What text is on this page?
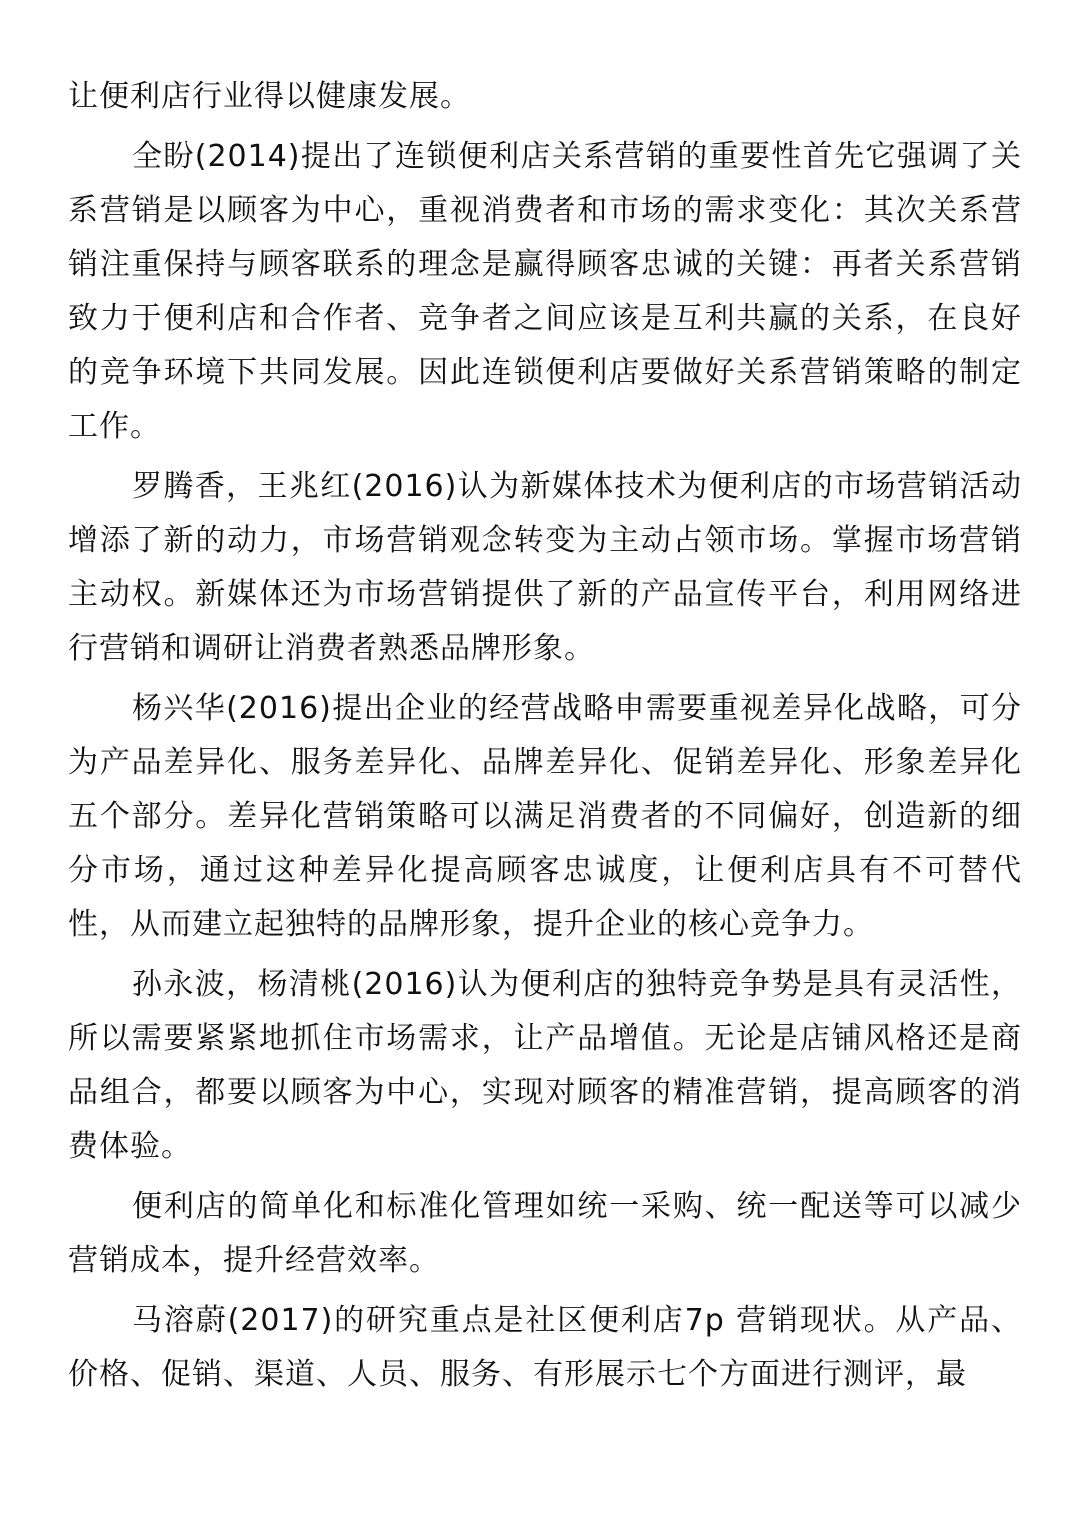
让便利店行业得以健康发展。

全盼(2014)提出了连锁便利店关系营销的重要性首先它强调了关系营销是以顾客为中心，重视消费者和市场的需求变化：其次关系营销注重保持与顾客联系的理念是赢得顾客忠诚的关键：再者关系营销致力于便利店和合作者、竞争者之间应该是互利共赢的关系，在良好的竞争环境下共同发展。因此连锁便利店要做好关系营销策略的制定工作。

罗腾香，王兆红(2016)认为新媒体技术为便利店的市场营销活动增添了新的动力，市场营销观念转变为主动占领市场。掌握市场营销主动权。新媒体还为市场营销提供了新的产品宣传平台，利用网络进行营销和调研让消费者熟悉品牌形象。

杨兴华(2016)提出企业的经营战略申需要重视差异化战略，可分为产品差异化、服务差异化、品牌差异化、促销差异化、形象差异化五个部分。差异化营销策略可以满足消费者的不同偏好，创造新的细分市场，通过这种差异化提高顾客忠诚度，让便利店具有不可替代性，从而建立起独特的品牌形象，提升企业的核心竞争力。

孙永波，杨清桃(2016)认为便利店的独特竞争势是具有灵活性，所以需要紧紧地抓住市场需求，让产品增值。无论是店铺风格还是商品组合，都要以顾客为中心，实现对顾客的精准营销，提高顾客的消费体验。

便利店的简单化和标准化管理如统一采购、统一配送等可以减少营销成本，提升经营效率。

马溶蔚(2017)的研究重点是社区便利店7p 营销现状。从产品、 价格、促销、渠道、人员、服务、有形展示七个方面进行测评，最
